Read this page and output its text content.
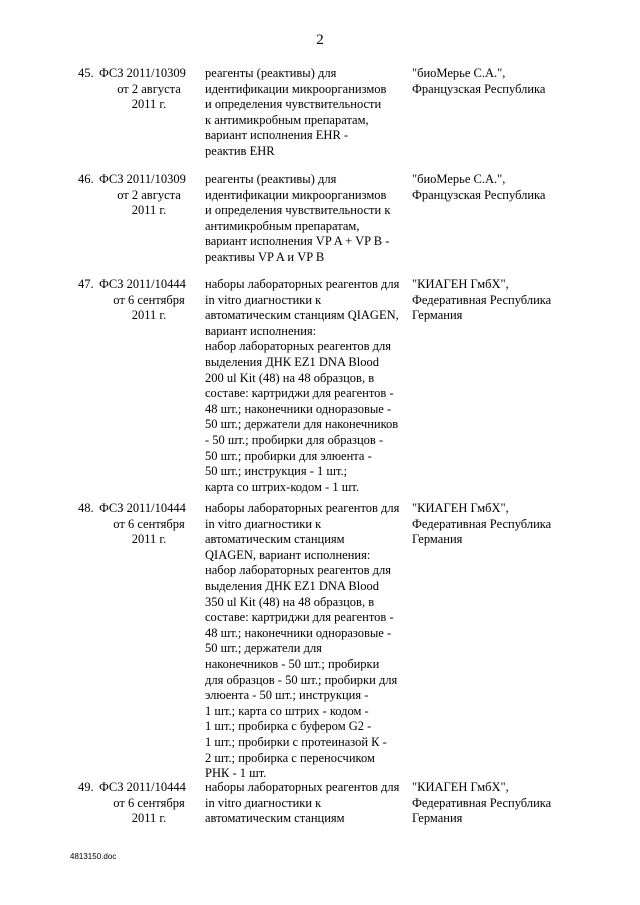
2
45. ФСЗ 2011/10309
от 2 августа
2011 г.
реагенты (реактивы) для
идентификации микроорганизмов
и определения чувствительности
к антимикробным препаратам,
вариант исполнения EHR -
реактив EHR
"биоМерье С.А.",
Французская Республика
46. ФСЗ 2011/10309
от 2 августа
2011 г.
реагенты (реактивы) для
идентификации микроорганизмов
и определения чувствительности к
антимикробным препаратам,
вариант исполнения VP A + VP B -
реактивы VP A и VP B
"биоМерье С.А.",
Французская Республика
47. ФСЗ 2011/10444
от 6 сентября
2011 г.
наборы лабораторных реагентов для
in vitro диагностики к
автоматическим станциям QIAGEN,
вариант исполнения:
набор лабораторных реагентов для
выделения ДНК EZ1 DNA Blood
200 ul Kit (48) на 48 образцов, в
составе: картриджи для реагентов -
48 шт.; наконечники одноразовые -
50 шт.; держатели для наконечников
- 50 шт.; пробирки для образцов -
50 шт.; пробирки для элюента -
50 шт.; инструкция - 1 шт.;
карта со штрих-кодом - 1 шт.
"КИАГЕН ГмбХ",
Федеративная Республика
Германия
48. ФСЗ 2011/10444
от 6 сентября
2011 г.
наборы лабораторных реагентов для
in vitro диагностики к
автоматическим станциям
QIAGEN, вариант исполнения:
набор лабораторных реагентов для
выделения ДНК EZ1 DNA Blood
350 ul Kit (48) на 48 образцов, в
составе: картриджи для реагентов -
48 шт.; наконечники одноразовые -
50 шт.; держатели для
наконечников - 50 шт.; пробирки
для образцов - 50 шт.; пробирки для
элюента - 50 шт.; инструкция -
1 шт.; карта со штрих - кодом -
1 шт.; пробирка с буфером G2 -
1 шт.; пробирки с протеиназой К -
2 шт.; пробирка с переносчиком
РНК - 1 шт.
"КИАГЕН ГмбХ",
Федеративная Республика
Германия
49. ФСЗ 2011/10444
от 6 сентября
2011 г.
наборы лабораторных реагентов для
in vitro диагностики к
автоматическим станциям
"КИАГЕН ГмбХ",
Федеративная Республика
Германия
4813150.doc
